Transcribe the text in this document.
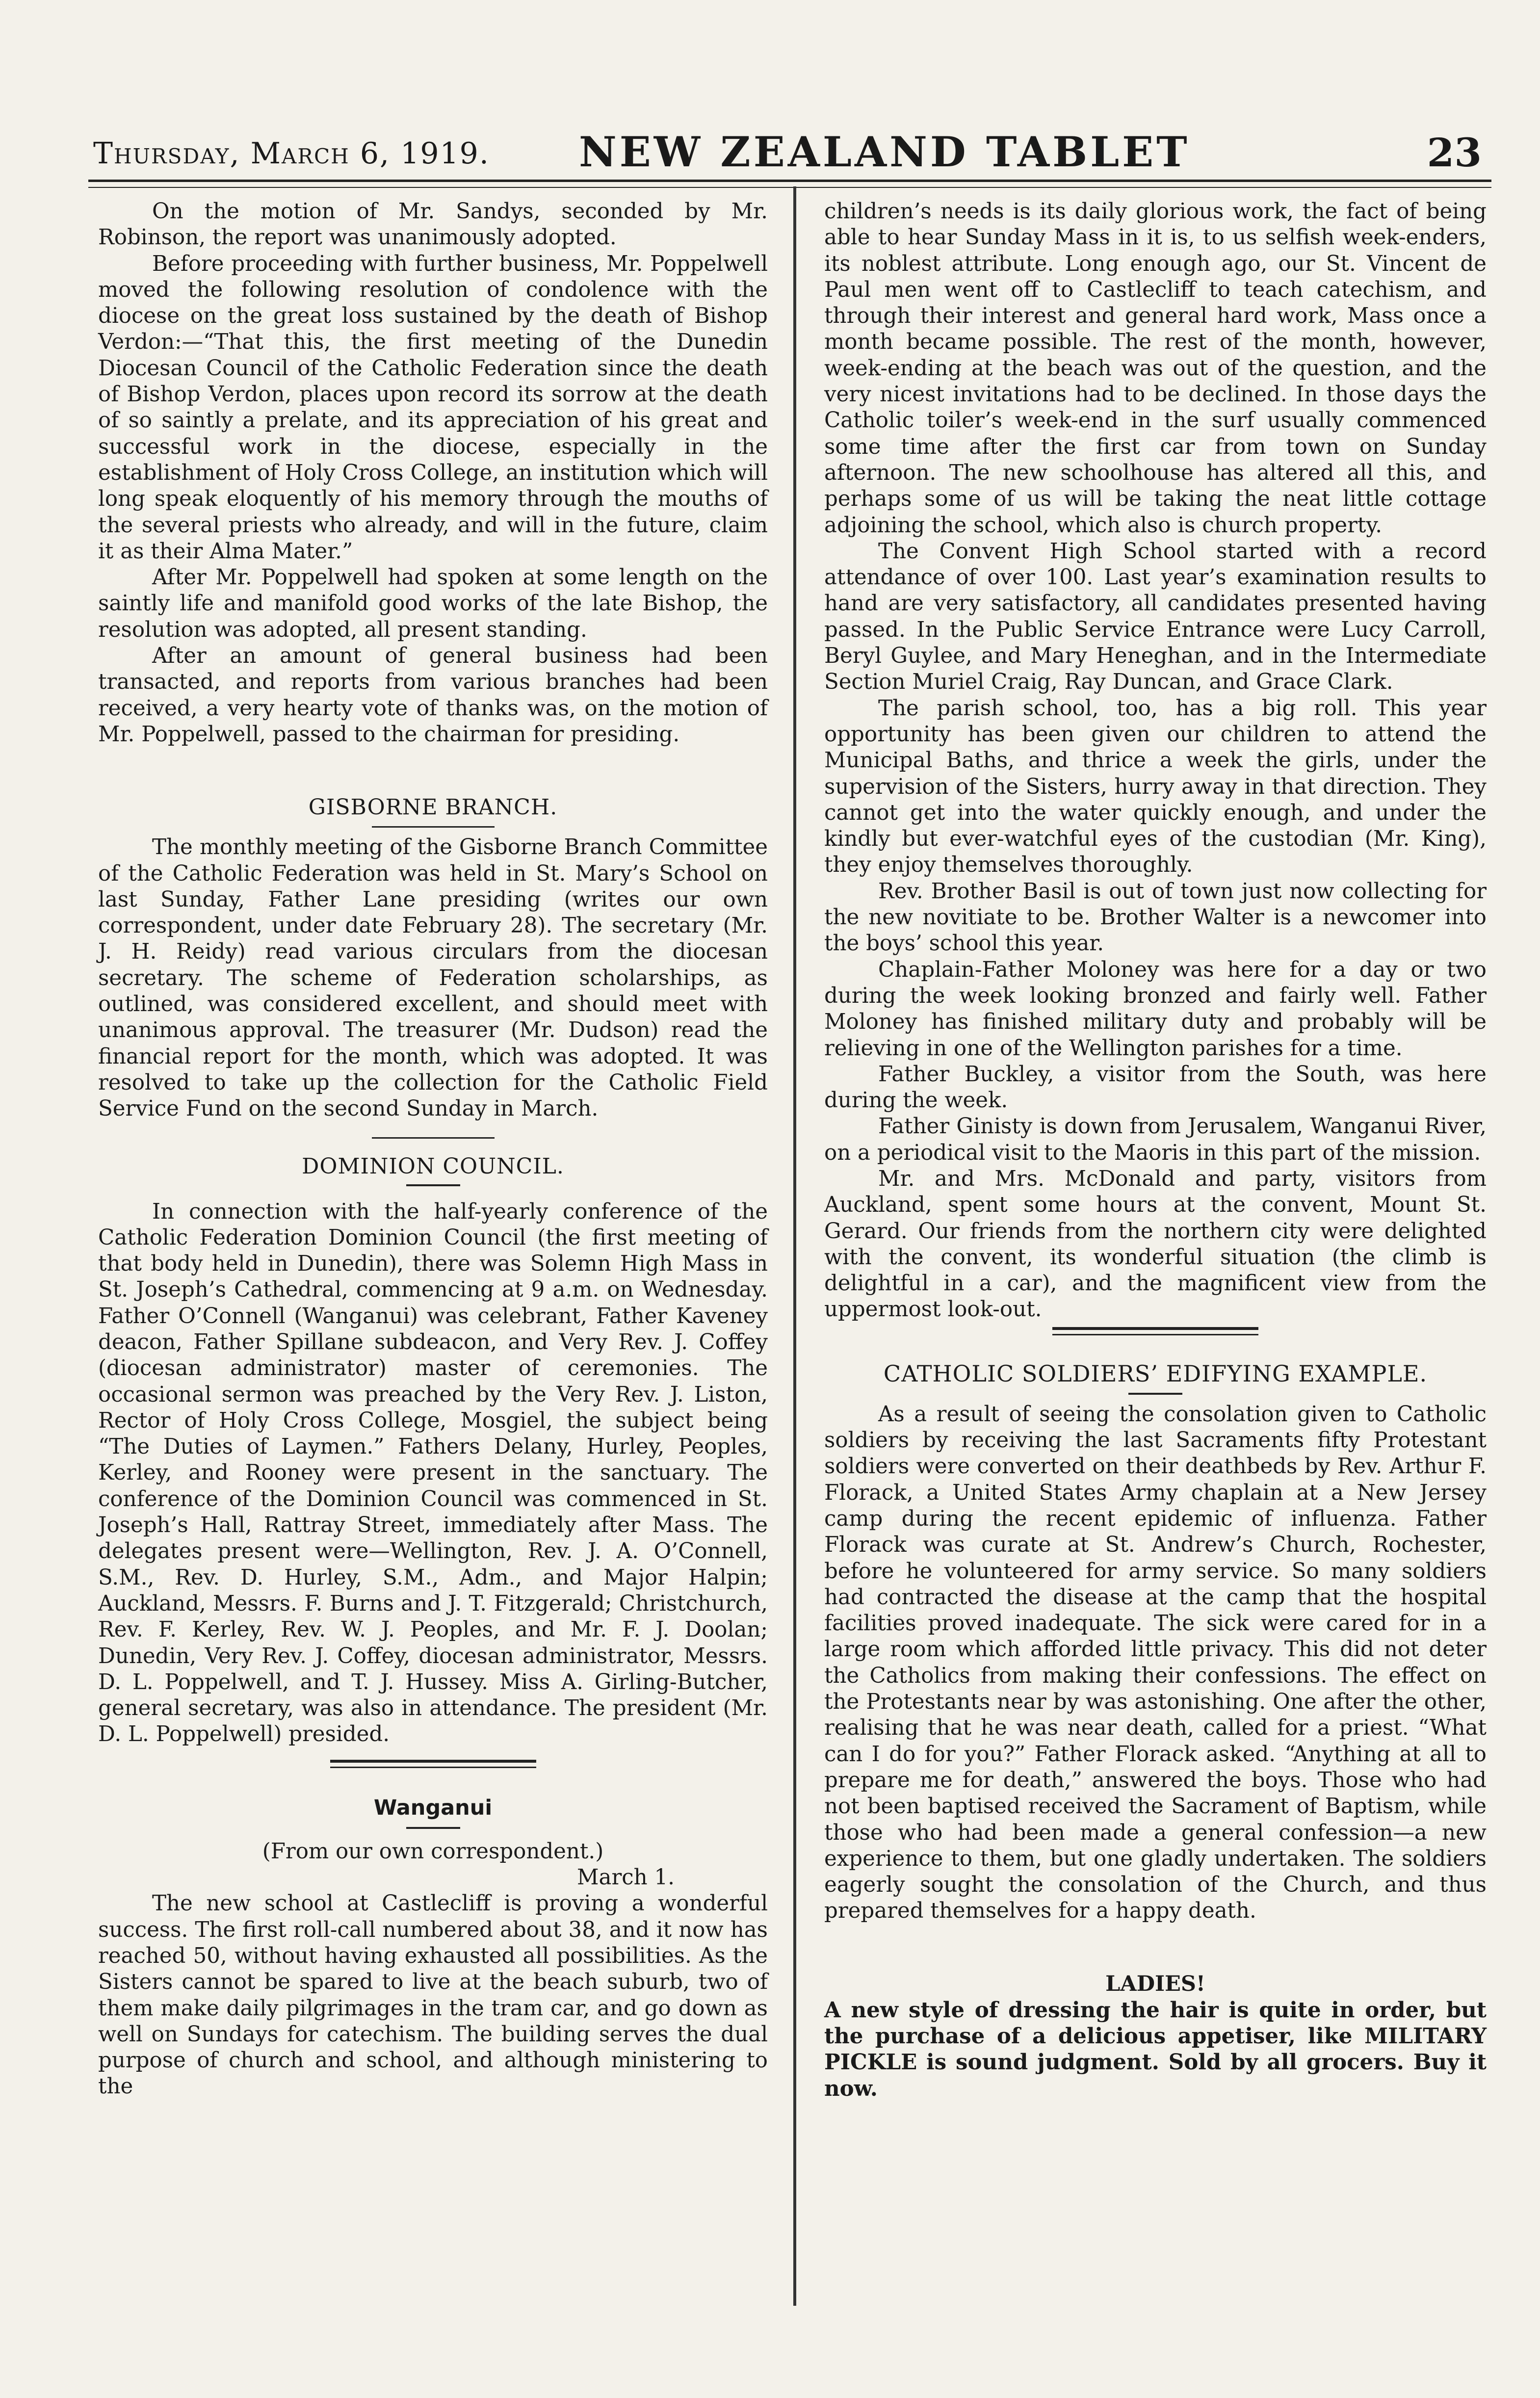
Thursday, March 6, 1919. NEW ZEALAND TABLET	23

On the motion of Mr. Sandys, seconded by Mr. Robinson, the report was unanimously adopted.

Before proceeding with further business, Mr. Poppelwell moved the following resolution of condolence with the diocese on the great loss sustained by the death of Bishop Verdon:—“That this, the first meeting of the Dunedin Diocesan Council of the Catholic Federation since the death of Bishop Verdon, places upon record its sorrow at the death of so saintly a prelate, and its appreciation of his great and successful work in the diocese, especially in the establishment of Holy Cross College, an institution which will long speak eloquently of his memory through the mouths of the several priests who already, and will in the future, claim it as their Alma Mater.”

After Mr. Poppelwell had spoken at some length on the saintly life and manifold good works of the late Bishop, the resolution was adopted, all present standing.

After an amount of general business had been transacted, and reports from various branches had been received, a very hearty vote of thanks was, on the motion of Mr. Poppelwell, passed to the chairman for presiding.

GISBORNE BRANCH.

The monthly meeting of the Gisborne Branch Committee of the Catholic Federation was held in St. Mary’s School on last Sunday, Father Lane presiding (writes our own correspondent, under date February 28). The secretary (Mr. J. H. Reidy) read various circulars from the diocesan secretary. The scheme of Federation scholarships, as outlined, was considered excellent, and should meet with unanimous approval. The treasurer (Mr. Dudson) read the financial report for the month, which was adopted. It was resolved to take up the collection for the Catholic Field Service Fund on the second Sunday in March.

DOMINION COUNCIL.

In connection with the half-yearly conference of the Catholic Federation Dominion Council (the first meeting of that body held in Dunedin), there was Solemn High Mass in St. Joseph’s Cathedral, commencing at 9 a.m. on Wednesday. Father O’Connell (Wanganui) was celebrant, Father Kaveney deacon, Father Spillane subdeacon, and Very Rev. J. Coffey (diocesan administrator) master of ceremonies. The occasional sermon was preached by the Very Rev. J. Liston, Rector of Holy Cross College, Mosgiel, the subject being “The Duties of Laymen.” Fathers Delany, Hurley, Peoples, Kerley, and Rooney were present in the sanctuary. The conference of the Dominion Council was commenced in St. Joseph’s Hall, Rattray Street, immediately after Mass. The delegates present were—Wellington, Rev. J. A. O’Connell, S.M., Rev. D. Hurley, S.M., Adm., and Major Halpin; Auckland, Messrs. F. Burns and J. T. Fitzgerald; Christchurch, Rev. F. Kerley, Rev. W. J. Peoples, and Mr. F. J. Doolan; Dunedin, Very Rev. J. Coffey, diocesan administrator, Messrs. D. L. Poppelwell, and T. J. Hussey. Miss A. Girling-Butcher, general secretary, was also in attendance. The president (Mr. D. L. Poppelwell) presided.

Wanganui

(From our own correspondent.)

March 1.

The new school at Castlecliff is proving a wonderful success. The first roll-call numbered about 38, and it now has reached 50, without having exhausted all possibilities. As the Sisters cannot be spared to live at the beach suburb, two of them make daily pilgrimages in the tram car, and go down as well on Sundays for catechism. The building serves the dual purpose of church and school, and although ministering to the

children’s needs is its daily glorious work, the fact of being able to hear Sunday Mass in it is, to us selfish week-enders, its noblest attribute. Long enough ago, our St. Vincent de Paul men went off to Castlecliff to teach catechism, and through their interest and general hard work, Mass once a month became possible. The rest of the month, however, week-ending at the beach was out of the question, and the very nicest invitations had to be declined. In those days the Catholic toiler’s week-end in the surf usually commenced some time after the first car from town on Sunday afternoon. The new schoolhouse has altered all this, and perhaps some of us will be taking the neat little cottage adjoining the school, which also is church property.

The Convent High School started with a record attendance of over 100. Last year’s examination results to hand are very satisfactory, all candidates presented having passed. In the Public Service Entrance were Lucy Carroll, Beryl Guylee, and Mary Heneghan, and in the Intermediate Section Muriel Craig, Ray Duncan, and Grace Clark.

The parish school, too, has a big roll. This year opportunity has been given our children to attend the Municipal Baths, and thrice a week the girls, under the supervision of the Sisters, hurry away in that direction. They cannot get into the water quickly enough, and under the kindly but ever-watchful eyes of the custodian (Mr. King), they enjoy themselves thoroughly.

Rev. Brother Basil is out of town just now collecting for the new novitiate to be. Brother Walter is a newcomer into the boys’ school this year.

Chaplain-Father Moloney was here for a day or two during the week looking bronzed and fairly well. Father Moloney has finished military duty and probably will be relieving in one of the Wellington parishes for a time.

Father Buckley, a visitor from the South, was here during the week.

Father Ginisty is down from Jerusalem, Wanganui River, on a periodical visit to the Maoris in this part of the mission.

Mr. and Mrs. McDonald and party, visitors from Auckland, spent some hours at the convent, Mount St. Gerard. Our friends from the northern city were delighted with the convent, its wonderful situation (the climb is delightful in a car), and the magnificent view from the uppermost look-out.

CATHOLIC SOLDIERS’ EDIFYING EXAMPLE.

As a result of seeing the consolation given to Catholic soldiers by receiving the last Sacraments fifty Protestant soldiers were converted on their deathbeds by Rev. Arthur F. Florack, a United States Army chaplain at a New Jersey camp during the recent epidemic of influenza. Father Florack was curate at St. Andrew’s Church, Rochester, before he volunteered for army service. So many soldiers had contracted the disease at the camp that the hospital facilities proved inadequate. The sick were cared for in a large room which afforded little privacy. This did not deter the Catholics from making their confessions. The effect on the Protestants near by was astonishing. One after the other, realising that he was near death, called for a priest. “What can I do for you?” Father Florack asked. “Anything at all to prepare me for death,” answered the boys. Those who had not been baptised received the Sacrament of Baptism, while those who had been made a general confession—a new experience to them, but one gladly undertaken. The soldiers eagerly sought the consolation of the Church, and thus prepared themselves for a happy death.

LADIES!

A new style of dressing the hair is quite in order, but the purchase of a delicious appetiser, like MILITARY PICKLE is sound judgment. Sold by all grocers. Buy it now.
